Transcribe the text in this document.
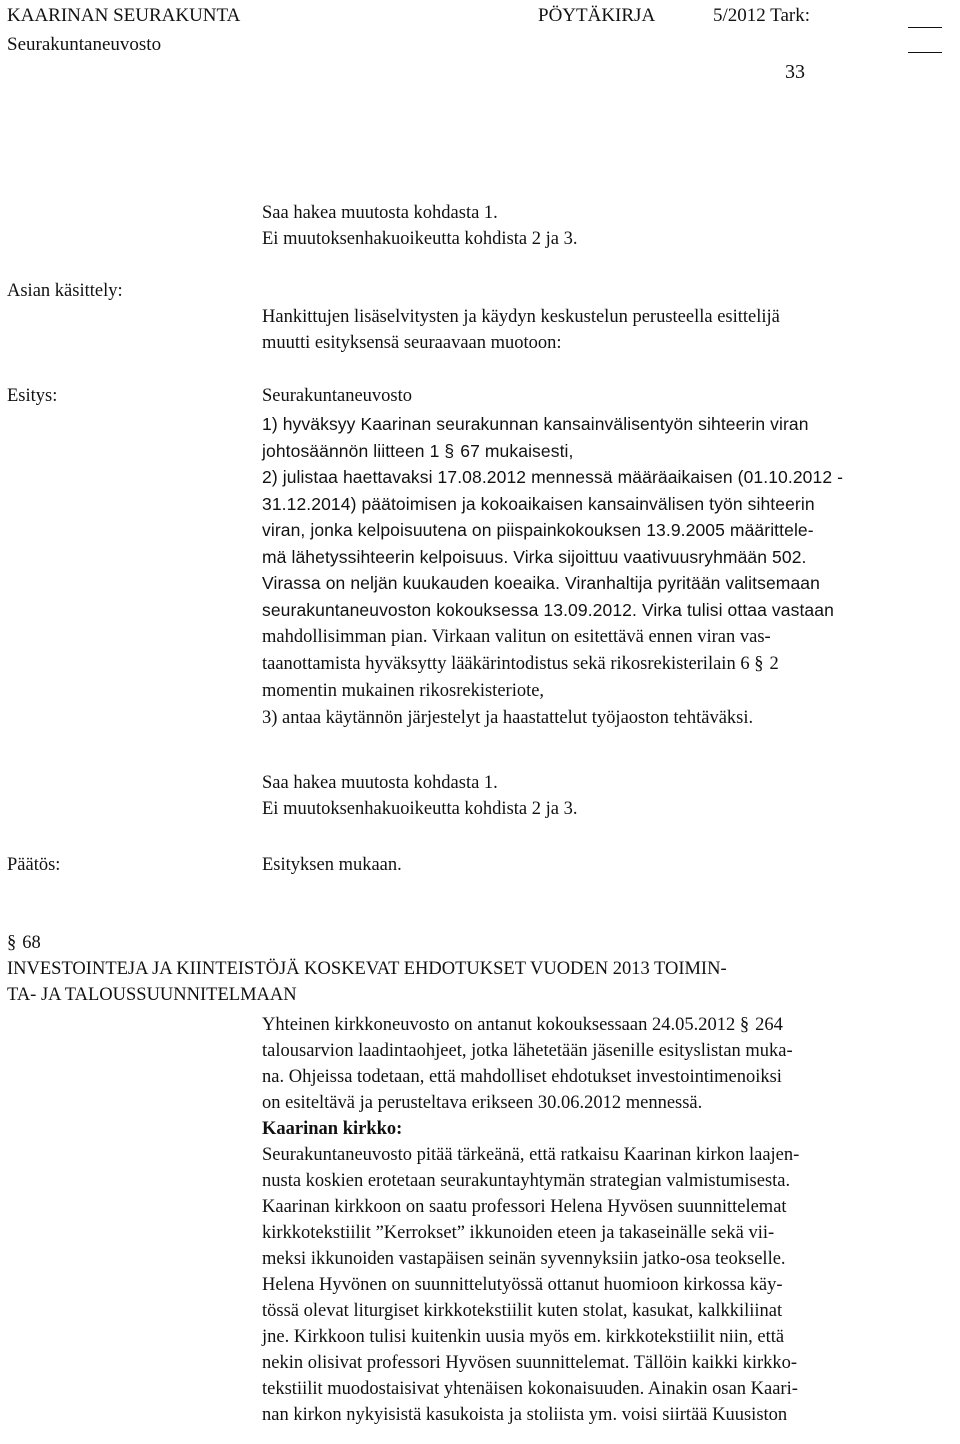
KAARINAN SEURAKUNTA	PÖYTÄKIRJA	5/2012 Tark:
Seurakuntaneuvosto
33

Saa hakea muutosta kohdasta 1.

Ei muutoksenhakuoikeutta kohdista 2 ja 3.

Asian käsittely:
Esitys:
Päätös:

Hankittujen lisäselvitysten ja käydyn keskustelun perusteella esittelijä

muutti esityksensä seuraavaan muotoon:

Seurakuntaneuvosto

1) hyväksyy Kaarinan seurakunnan kansainvälisentyön sihteerin viran

johtosäännön liitteen 1 § 67 mukaisesti,

2) julistaa haettavaksi 17.08.2012 mennessä määräaikaisen (01.10.2012 -

31.12.2014) päätoimisen ja kokoaikaisen kansainvälisen työn sihteerin

viran, jonka kelpoisuutena on piispainkokouksen 13.9.2005 määrittele-

mä lähetyssihteerin kelpoisuus. Virka sijoittuu vaativuusryhmään 502.

Virassa on neljän kuukauden koeaika. Viranhaltija pyritään valitsemaan

seurakuntaneuvoston kokouksessa 13.09.2012. Virka tulisi ottaa vastaan

mahdollisimman pian. Virkaan valitun on esitettävä ennen viran vas-

taanottamista hyväksytty lääkärintodistus sekä rikosrekisterilain 6 § 2

momentin mukainen rikosrekisteriote,

3) antaa käytännön järjestelyt ja haastattelut työjaoston tehtäväksi.

Saa hakea muutosta kohdasta 1.

Ei muutoksenhakuoikeutta kohdista 2 ja 3.

Esityksen mukaan.

§ 68

INVESTOINTEJA JA KIINTEISTÖJÄ KOSKEVAT EHDOTUKSET VUODEN 2013 TOIMIN-

TA- JA TALOUSSUUNNITELMAAN

Yhteinen kirkkoneuvosto on antanut kokouksessaan 24.05.2012 § 264

talousarvion laadintaohjeet, jotka lähetetään jäsenille esityslistan muka-

na. Ohjeissa todetaan, että mahdolliset ehdotukset investointimenoiksi

on esiteltävä ja perusteltava erikseen 30.06.2012 mennessä.

Kaarinan kirkko:

Seurakuntaneuvosto pitää tärkeänä, että ratkaisu Kaarinan kirkon laajen-

nusta koskien erotetaan seurakuntayhtymän strategian valmistumisesta.

Kaarinan kirkkoon on saatu professori Helena Hyvösen suunnittelemat

kirkkotekstiilit ”Kerrokset” ikkunoiden eteen ja takaseinälle sekä vii-

meksi ikkunoiden vastapäisen seinän syvennyksiin jatko-osa teokselle.

Helena Hyvönen on suunnittelutyössä ottanut huomioon kirkossa käy-

tössä olevat liturgiset kirkkotekstiilit kuten stolat, kasukat, kalkkiliinat

jne. Kirkkoon tulisi kuitenkin uusia myös em. kirkkotekstiilit niin, että

nekin olisivat professori Hyvösen suunnittelemat. Tällöin kaikki kirkko-

tekstiilit muodostaisivat yhtenäisen kokonaisuuden. Ainakin osan Kaari-

nan kirkon nykyisistä kasukoista ja stoliista ym. voisi siirtää Kuusiston
